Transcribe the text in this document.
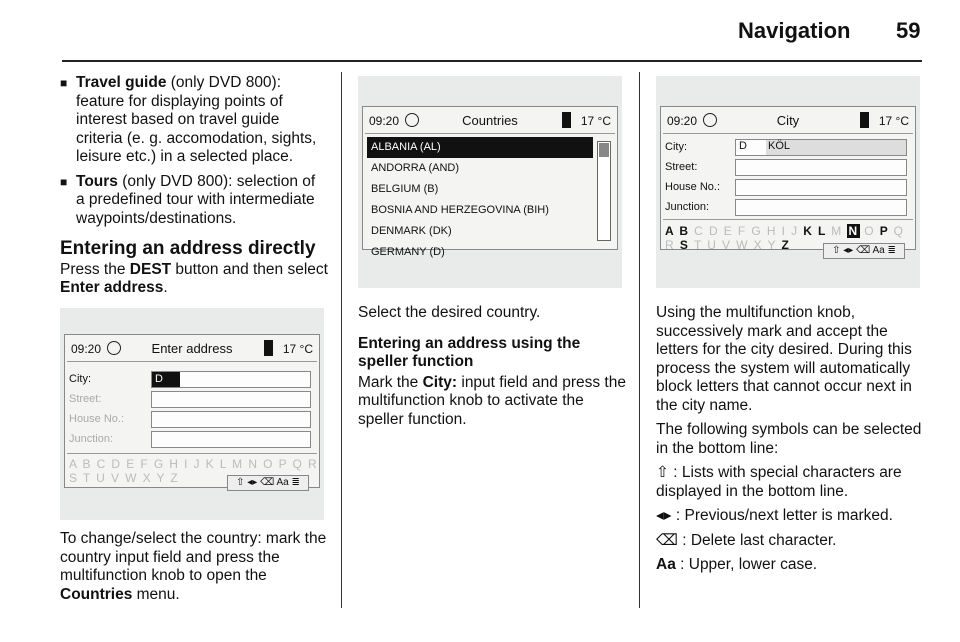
Navigation 59
■ Travel guide (only DVD 800): feature for displaying points of interest based on travel guide criteria (e. g. accomodation, sights, leisure etc.) in a selected place.
■ Tours (only DVD 800): selection of a predefined tour with intermediate waypoints/destinations.
Entering an address directly

Press the DEST button and then select Enter address.

09:20	Enter address	17 °C
City:	D
Street:
House No.:
Junction:
A B C D E F G H I J K L M N O P Q R S T U V W X Y Z	⇧ ◂▸ ⌫ Aa ≣

To change/select the country: mark the country input field and press the multifunction knob to open the Countries menu.

09:20	Countries	17 °C
ALBANIA (AL)
ANDORRA (AND)
BELGIUM (B)
BOSNIA AND HERZEGOVINA (BIH)
DENMARK (DK)
GERMANY (D)

Select the desired country.

Entering an address using the speller function

Mark the City: input field and press the multifunction knob to activate the speller function.

09:20	City	17 °C
City:	D KÖL
Street:
House No.:
Junction:
A B C D E F G H I J K L M N O P Q R S T U V W X Y Z	⇧ ◂▸ ⌫ Aa ≣

Using the multifunction knob, successively mark and accept the letters for the city desired. During this process the system will automatically block letters that cannot occur next in the city name.

The following symbols can be selected in the bottom line:

⇧ : Lists with special characters are displayed in the bottom line.

◂▸ : Previous/next letter is marked.

⌫ : Delete last character.

Aa : Upper, lower case.
